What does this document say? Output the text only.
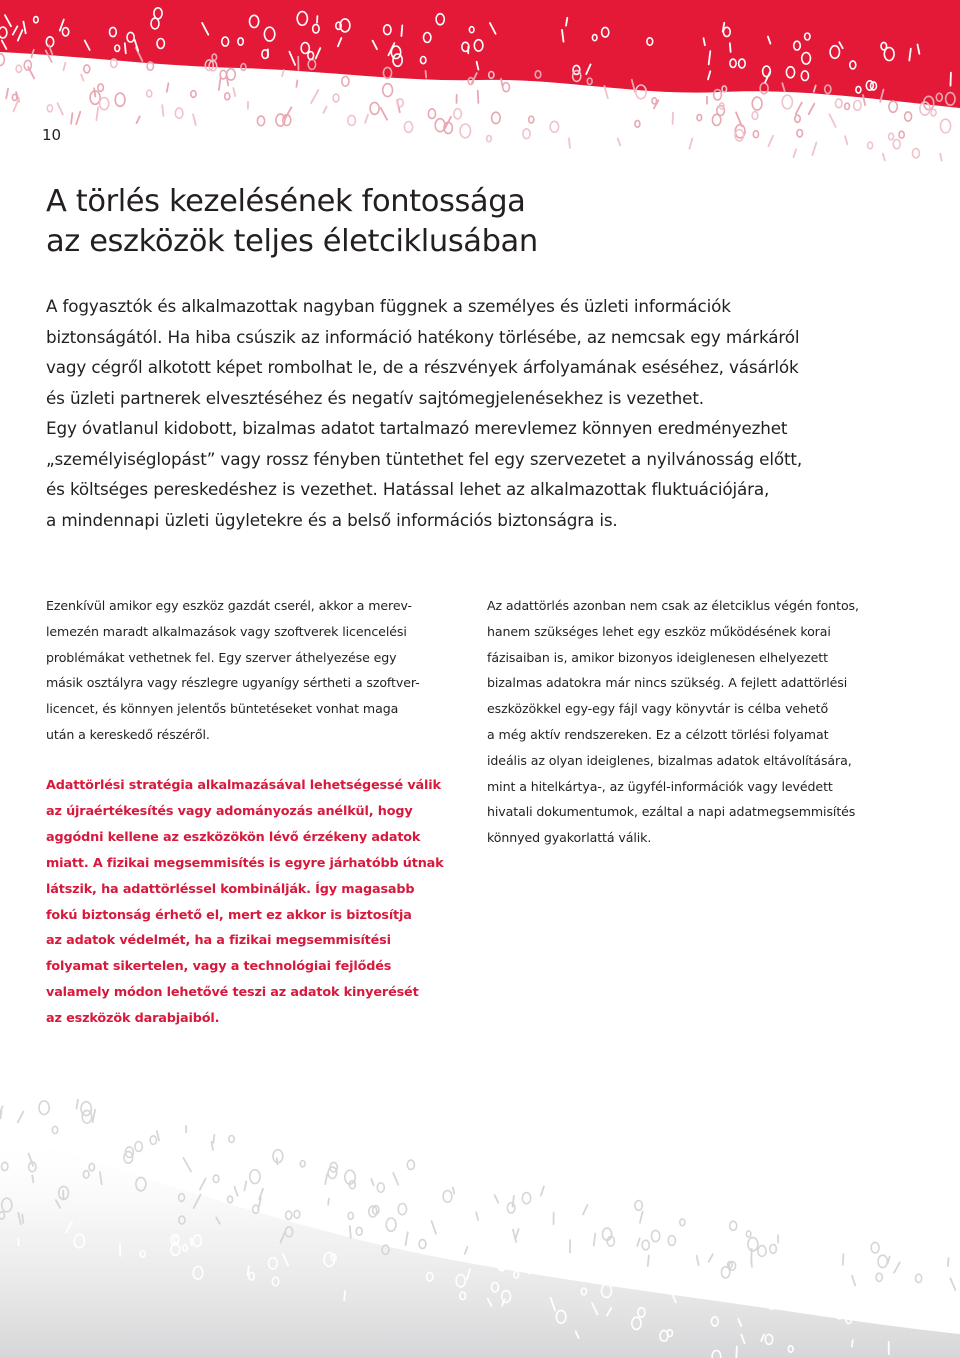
10
A törlés kezelésének fontossága
az eszközök teljes életciklusában
A fogyasztók és alkalmazottak nagyban függnek a személyes és üzleti információk
biztonságától. Ha hiba csúszik az információ hatékony törlésébe, az nemcsak egy márkáról
vagy cégről alkotott képet rombolhat le, de a részvények árfolyamának eséséhez, vásárlók
és üzleti partnerek elvesztéséhez és negatív sajtómegjelenésekhez is vezethet.
Egy óvatlanul kidobott, bizalmas adatot tartalmazó merevlemez könnyen eredményezhet
„személyiséglopást” vagy rossz fényben tüntethet fel egy szervezetet a nyilvánosság előtt,
és költséges pereskedéshez is vezethet. Hatással lehet az alkalmazottak fluktuációjára,
a mindennapi üzleti ügyletekre és a belső információs biztonságra is.
Ezenkívül amikor egy eszköz gazdát cserél, akkor a merev-
lemezén maradt alkalmazások vagy szoftverek licencelési
problémákat vethetnek fel. Egy szerver áthelyezése egy
másik osztályra vagy részlegre ugyanígy sértheti a szoftver-
licencet, és könnyen jelentős büntetéseket vonhat maga
után a kereskedő részéről.
Adattörlési stratégia alkalmazásával lehetségessé válik
az újraértékesítés vagy adományozás anélkül, hogy
aggódni kellene az eszközökön lévő érzékeny adatok
miatt. A fizikai megsemmisítés is egyre járhatóbb útnak
látszik, ha adattörléssel kombinálják. Így magasabb
fokú biztonság érhető el, mert ez akkor is biztosítja
az adatok védelmét, ha a fizikai megsemmisítési
folyamat sikertelen, vagy a technológiai fejlődés
valamely módon lehetővé teszi az adatok kinyerését
az eszközök darabjaiból.
Az adattörlés azonban nem csak az életciklus végén fontos,
hanem szükséges lehet egy eszköz működésének korai
fázisaiban is, amikor bizonyos ideiglenesen elhelyezett
bizalmas adatokra már nincs szükség. A fejlett adattörlési
eszközökkel egy-egy fájl vagy könyvtár is célba vehető
a még aktív rendszereken. Ez a célzott törlési folyamat
ideális az olyan ideiglenes, bizalmas adatok eltávolítására,
mint a hitelkártya-, az ügyfél-információk vagy levédett
hivatali dokumentumok, ezáltal a napi adatmegsemmisítés
könnyed gyakorlattá válik.
